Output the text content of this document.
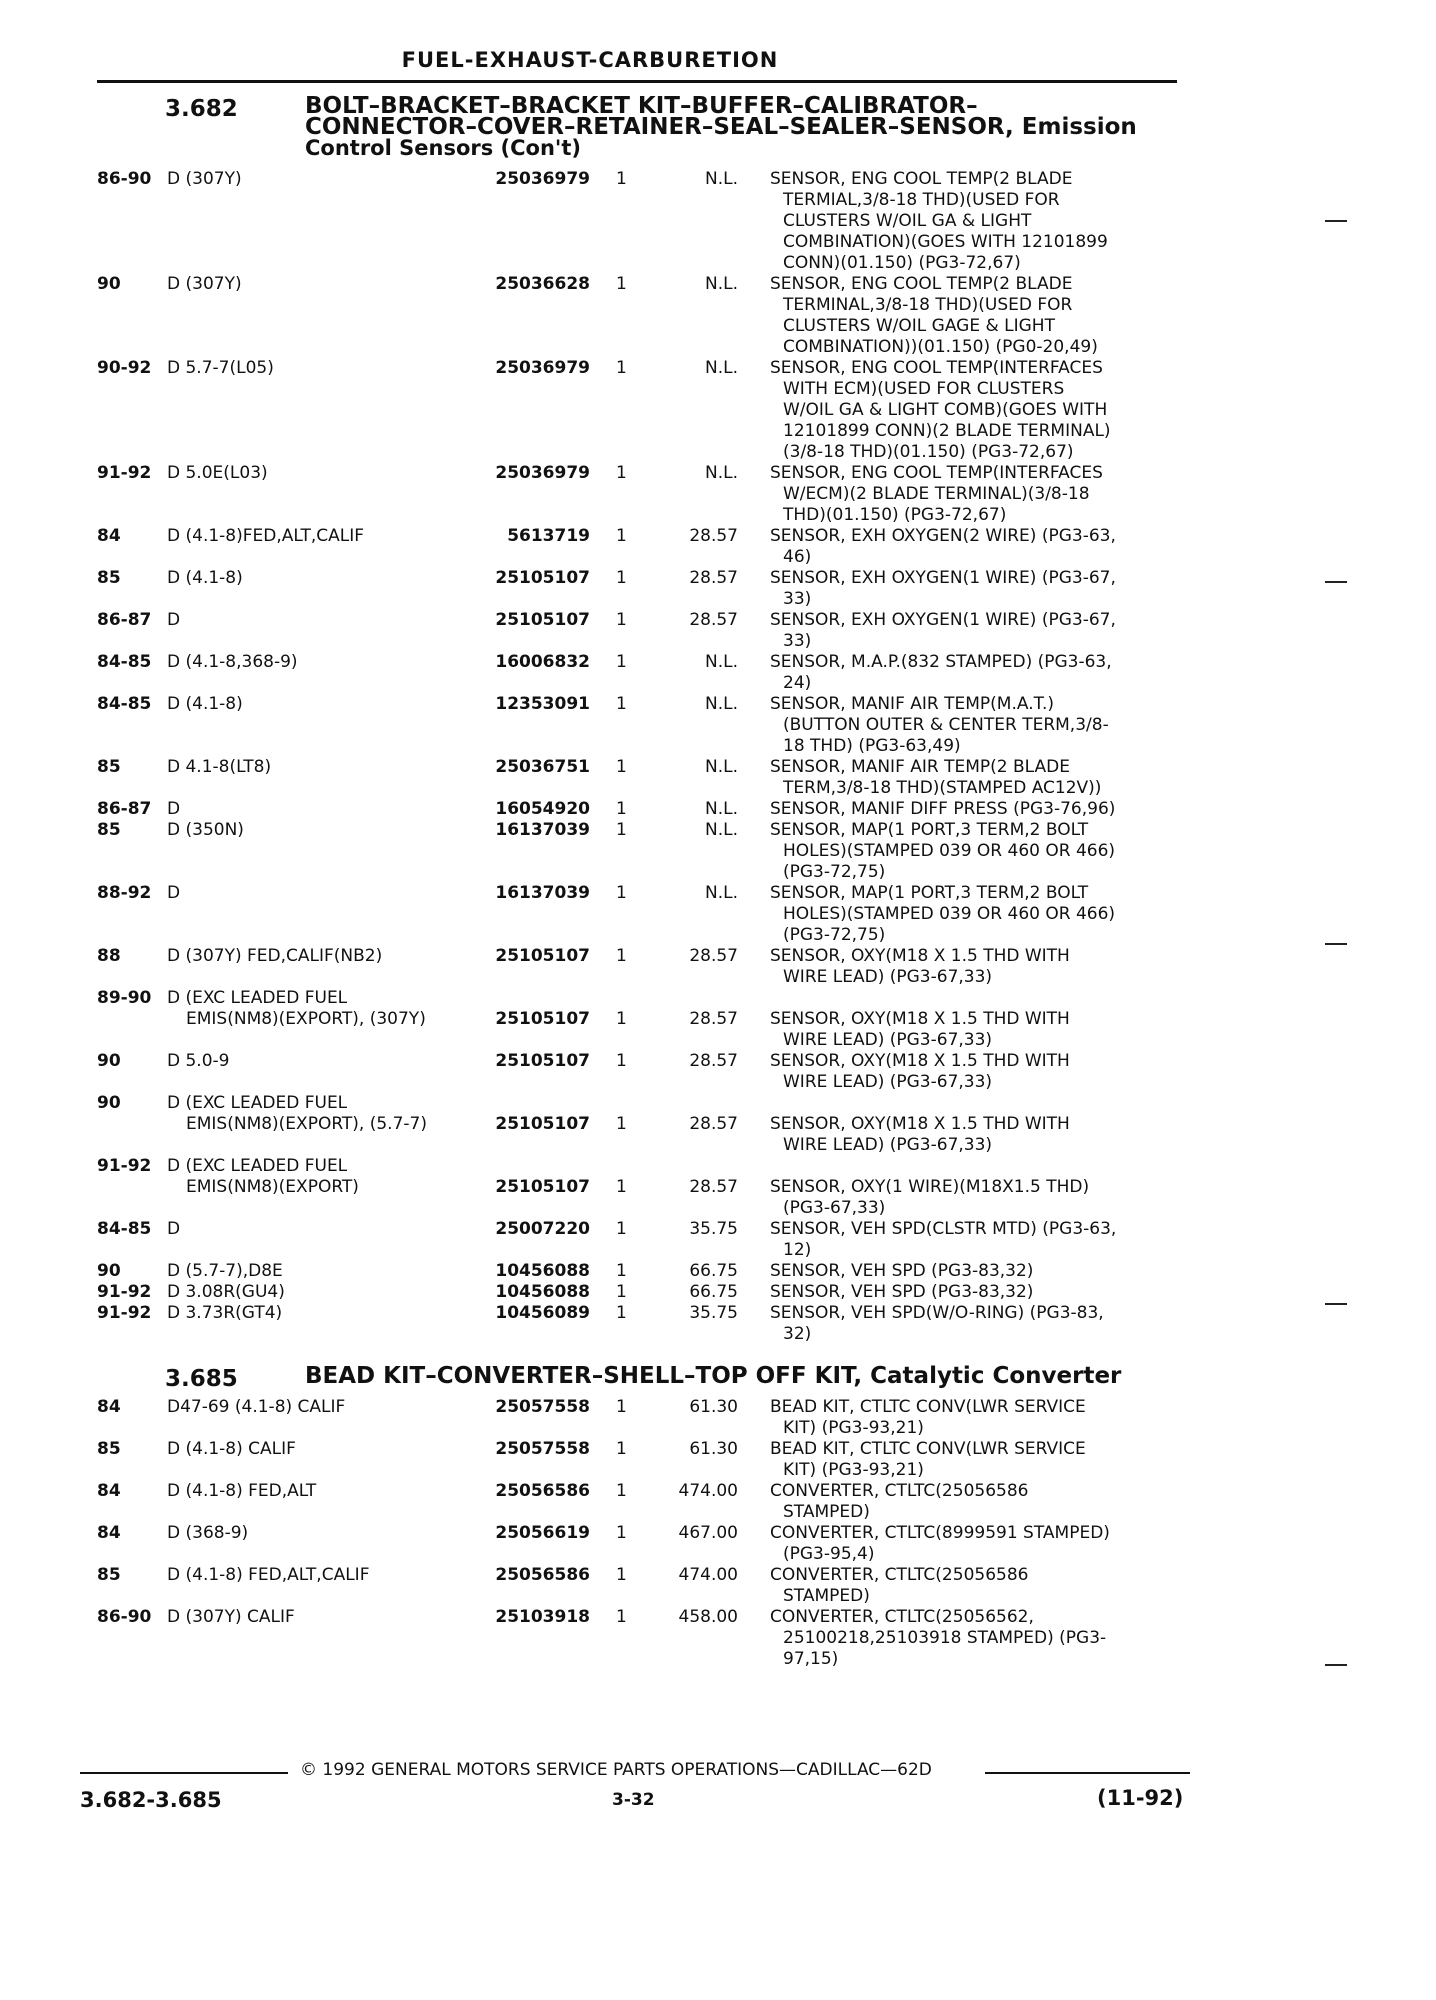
FUEL-EXHAUST-CARBURETION
3.682	BOLT–BRACKET–BRACKET KIT–BUFFER–CALIBRATOR–
CONNECTOR–COVER–RETAINER–SEAL–SEALER–SENSOR, Emission
Control Sensors (Con't)
86-90 D (307Y)	25036979 1	N.L. SENSOR, ENG COOL TEMP(2 BLADE
TERMIAL,3/8-18 THD)(USED FOR
CLUSTERS W/OIL GA & LIGHT
COMBINATION)(GOES WITH 12101899
CONN)(01.150) (PG3-72,67)
90	D (307Y)	25036628 1	N.L. SENSOR, ENG COOL TEMP(2 BLADE
TERMINAL,3/8-18 THD)(USED FOR
CLUSTERS W/OIL GAGE & LIGHT
COMBINATION))(01.150) (PG0-20,49)
90-92 D 5.7-7(L05)	25036979 1	N.L. SENSOR, ENG COOL TEMP(INTERFACES
WITH ECM)(USED FOR CLUSTERS
W/OIL GA & LIGHT COMB)(GOES WITH
12101899 CONN)(2 BLADE TERMINAL)
(3/8-18 THD)(01.150) (PG3-72,67)
91-92 D 5.0E(L03)	25036979 1	N.L. SENSOR, ENG COOL TEMP(INTERFACES
W/ECM)(2 BLADE TERMINAL)(3/8-18
THD)(01.150) (PG3-72,67)
84	D (4.1-8)FED,ALT,CALIF	5613719 1	28.57 SENSOR, EXH OXYGEN(2 WIRE) (PG3-63,
46)
85	D (4.1-8)	25105107 1	28.57 SENSOR, EXH OXYGEN(1 WIRE) (PG3-67,
33)
86-87 D	25105107 1	28.57 SENSOR, EXH OXYGEN(1 WIRE) (PG3-67,
33)
84-85 D (4.1-8,368-9)	16006832 1	N.L. SENSOR, M.A.P.(832 STAMPED) (PG3-63,
24)
84-85 D (4.1-8)	12353091 1	N.L. SENSOR, MANIF AIR TEMP(M.A.T.)
(BUTTON OUTER & CENTER TERM,3/8-
18 THD) (PG3-63,49)
85	D 4.1-8(LT8)	25036751 1	N.L. SENSOR, MANIF AIR TEMP(2 BLADE
TERM,3/8-18 THD)(STAMPED AC12V))
86-87 D	16054920 1	N.L. SENSOR, MANIF DIFF PRESS (PG3-76,96)
85	D (350N)	16137039 1	N.L. SENSOR, MAP(1 PORT,3 TERM,2 BOLT
HOLES)(STAMPED 039 OR 460 OR 466)
(PG3-72,75)
88-92 D	16137039 1	N.L. SENSOR, MAP(1 PORT,3 TERM,2 BOLT
HOLES)(STAMPED 039 OR 460 OR 466)
(PG3-72,75)
88	D (307Y) FED,CALIF(NB2)	25105107 1	28.57 SENSOR, OXY(M18 X 1.5 THD WITH
WIRE LEAD) (PG3-67,33)
89-90 D (EXC LEADED FUEL
EMIS(NM8)(EXPORT), (307Y)	25105107 1	28.57 SENSOR, OXY(M18 X 1.5 THD WITH
WIRE LEAD) (PG3-67,33)
90	D 5.0-9	25105107 1	28.57 SENSOR, OXY(M18 X 1.5 THD WITH
WIRE LEAD) (PG3-67,33)
90	D (EXC LEADED FUEL
EMIS(NM8)(EXPORT), (5.7-7)	25105107 1	28.57 SENSOR, OXY(M18 X 1.5 THD WITH
WIRE LEAD) (PG3-67,33)
91-92 D (EXC LEADED FUEL
EMIS(NM8)(EXPORT)	25105107 1	28.57 SENSOR, OXY(1 WIRE)(M18X1.5 THD)
(PG3-67,33)
84-85 D	25007220 1	35.75 SENSOR, VEH SPD(CLSTR MTD) (PG3-63,
12)
90	D (5.7-7),D8E	10456088 1	66.75 SENSOR, VEH SPD (PG3-83,32)
91-92 D 3.08R(GU4)	10456088 1	66.75 SENSOR, VEH SPD (PG3-83,32)
91-92 D 3.73R(GT4)	10456089 1	35.75 SENSOR, VEH SPD(W/O-RING) (PG3-83,
32)
3.685	BEAD KIT–CONVERTER–SHELL–TOP OFF KIT, Catalytic Converter
84	D47-69 (4.1-8) CALIF	25057558 1	61.30 BEAD KIT, CTLTC CONV(LWR SERVICE
KIT) (PG3-93,21)
85	D (4.1-8) CALIF	25057558 1	61.30 BEAD KIT, CTLTC CONV(LWR SERVICE
KIT) (PG3-93,21)
84	D (4.1-8) FED,ALT	25056586 1	474.00 CONVERTER, CTLTC(25056586
STAMPED)
84	D (368-9)	25056619 1	467.00 CONVERTER, CTLTC(8999591 STAMPED)
(PG3-95,4)
85	D (4.1-8) FED,ALT,CALIF	25056586 1	474.00 CONVERTER, CTLTC(25056586
STAMPED)
86-90 D (307Y) CALIF	25103918 1	458.00 CONVERTER, CTLTC(25056562,
25100218,25103918 STAMPED) (PG3-
97,15)
© 1992 GENERAL MOTORS SERVICE PARTS OPERATIONS—CADILLAC—62D
3.682-3.685	3-32	(11-92)
